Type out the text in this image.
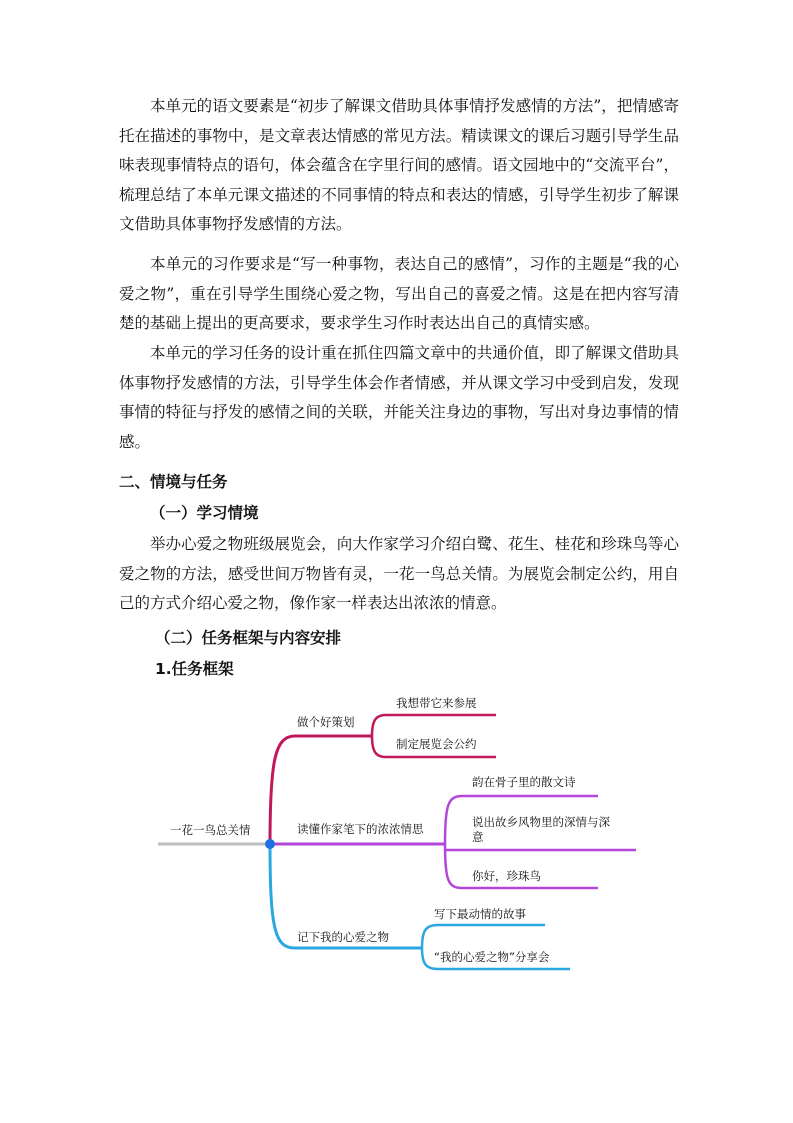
本单元的语文要素是“初步了解课文借助具体事情抒发感情的方法”，把情感寄托在描述的事物中，是文章表达情感的常见方法。精读课文的课后习题引导学生品味表现事情特点的语句，体会蕴含在字里行间的感情。语文园地中的“交流平台”，梳理总结了本单元课文描述的不同事情的特点和表达的情感，引导学生初步了解课文借助具体事物抒发感情的方法。

本单元的习作要求是“写一种事物，表达自己的感情”，习作的主题是“我的心爱之物”，重在引导学生围绕心爱之物，写出自己的喜爱之情。这是在把内容写清楚的基础上提出的更高要求，要求学生习作时表达出自己的真情实感。

本单元的学习任务的设计重在抓住四篇文章中的共通价值，即了解课文借助具体事物抒发感情的方法，引导学生体会作者情感，并从课文学习中受到启发，发现事情的特征与抒发的感情之间的关联，并能关注身边的事物，写出对身边事情的情感。

二、情境与任务

（一）学习情境

举办心爱之物班级展览会，向大作家学习介绍白鹭、花生、桂花和珍珠鸟等心爱之物的方法，感受世间万物皆有灵，一花一鸟总关情。为展览会制定公约，用自己的方式介绍心爱之物，像作家一样表达出浓浓的情意。

（二）任务框架与内容安排

1.任务框架

一花一鸟总关情
做个好策划
我想带它来参展
制定展览会公约
读懂作家笔下的浓浓情思
韵在骨子里的散文诗
说出故乡风物里的深情与深
意
你好，珍珠鸟
记下我的心爱之物
写下最动情的故事
“我的心爱之物”分享会
